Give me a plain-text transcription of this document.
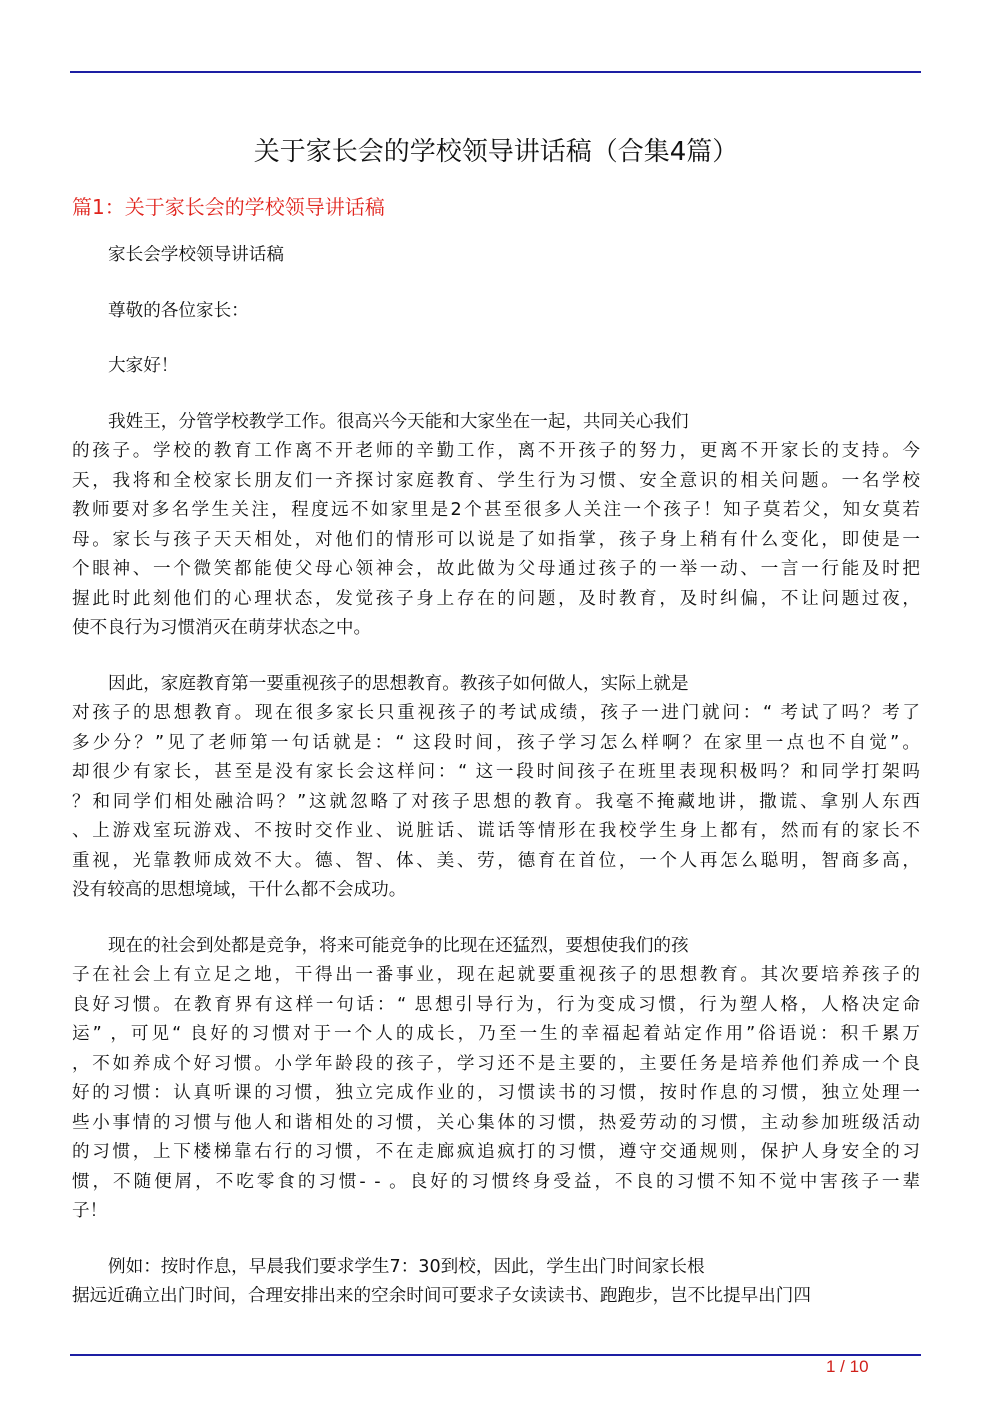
关于家长会的学校领导讲话稿（合集4篇）
篇1：关于家长会的学校领导讲话稿
家长会学校领导讲话稿
尊敬的各位家长：
大家好！
我姓王，分管学校教学工作。很高兴今天能和大家坐在一起，共同关心我们
的孩子。学校的教育工作离不开老师的辛勤工作，离不开孩子的努力，更离不开家长的支持。今
天，我将和全校家长朋友们一齐探讨家庭教育、学生行为习惯、安全意识的相关问题。一名学校
教师要对多名学生关注，程度远不如家里是2个甚至很多人关注一个孩子！知子莫若父，知女莫若
母。家长与孩子天天相处，对他们的情形可以说是了如指掌，孩子身上稍有什么变化，即使是一
个眼神、一个微笑都能使父母心领神会，故此做为父母通过孩子的一举一动、一言一行能及时把
握此时此刻他们的心理状态，发觉孩子身上存在的问题，及时教育，及时纠偏，不让问题过夜，
使不良行为习惯消灭在萌芽状态之中。
因此，家庭教育第一要重视孩子的思想教育。教孩子如何做人，实际上就是
对孩子的思想教育。现在很多家长只重视孩子的考试成绩，孩子一进门就问：“ 考试了吗？考了
多少分？”见了老师第一句话就是：“ 这段时间，孩子学习怎么样啊？在家里一点也不自觉”。
却很少有家长，甚至是没有家长会这样问：“ 这一段时间孩子在班里表现积极吗？和同学打架吗
？和同学们相处融洽吗？”这就忽略了对孩子思想的教育。我毫不掩藏地讲，撒谎、拿别人东西
、上游戏室玩游戏、不按时交作业、说脏话、谎话等情形在我校学生身上都有，然而有的家长不
重视，光靠教师成效不大。德、智、体、美、劳，德育在首位，一个人再怎么聪明，智商多高，
没有较高的思想境域，干什么都不会成功。
现在的社会到处都是竞争，将来可能竞争的比现在还猛烈，要想使我们的孩
子在社会上有立足之地，干得出一番事业，现在起就要重视孩子的思想教育。其次要培养孩子的
良好习惯。在教育界有这样一句话：“ 思想引导行为，行为变成习惯，行为塑人格，人格决定命
运” ，可见“ 良好的习惯对于一个人的成长，乃至一生的幸福起着站定作用”俗语说：积千累万
，不如养成个好习惯。小学年龄段的孩子，学习还不是主要的，主要任务是培养他们养成一个良
好的习惯：认真听课的习惯，独立完成作业的，习惯读书的习惯，按时作息的习惯，独立处理一
些小事情的习惯与他人和谐相处的习惯，关心集体的习惯，热爱劳动的习惯，主动参加班级活动
的习惯，上下楼梯靠右行的习惯，不在走廊疯追疯打的习惯，遵守交通规则，保护人身安全的习
惯，不随便屑，不吃零食的习惯- - 。良好的习惯终身受益，不良的习惯不知不觉中害孩子一辈
子！
例如：按时作息，早晨我们要求学生7：30到校，因此，学生出门时间家长根
据远近确立出门时间，合理安排出来的空余时间可要求子女读读书、跑跑步，岂不比提早出门四
1 / 10
